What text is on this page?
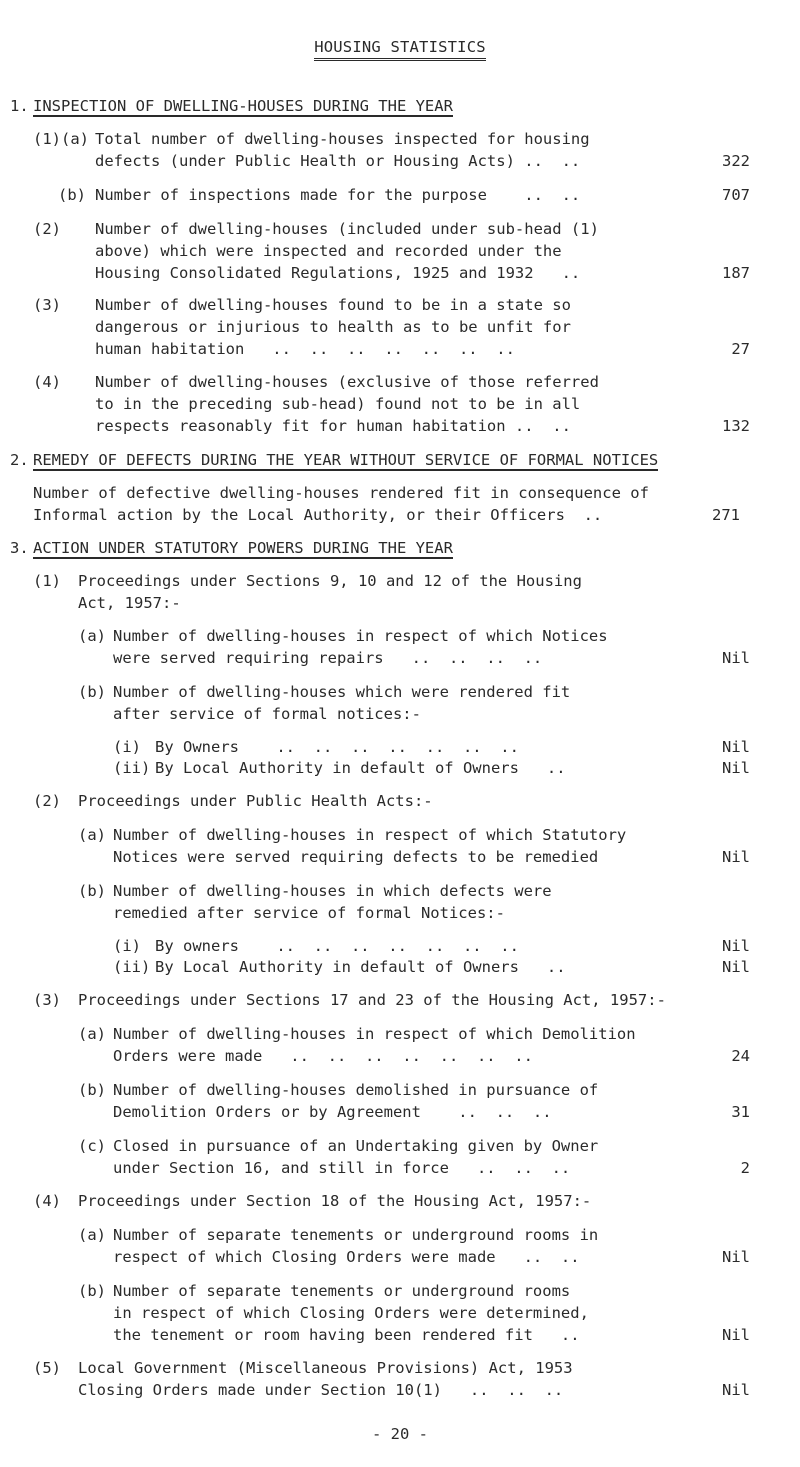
HOUSING STATISTICS
1. INSPECTION OF DWELLING-HOUSES DURING THE YEAR
(1)(a) Total number of dwelling-houses inspected for housing
defects (under Public Health or Housing Acts) ..  ..	322
(b) Number of inspections made for the purpose    ..  ..	707
(2) Number of dwelling-houses (included under sub-head (1)
above) which were inspected and recorded under the
Housing Consolidated Regulations, 1925 and 1932   ..	187
(3) Number of dwelling-houses found to be in a state so
dangerous or injurious to health as to be unfit for
human habitation   ..  ..  ..  ..  ..  ..  ..	27
(4) Number of dwelling-houses (exclusive of those referred
to in the preceding sub-head) found not to be in all
respects reasonably fit for human habitation ..  ..	132
2. REMEDY OF DEFECTS DURING THE YEAR WITHOUT SERVICE OF FORMAL NOTICES
Number of defective dwelling-houses rendered fit in consequence of
Informal action by the Local Authority, or their Officers  ..	271
3. ACTION UNDER STATUTORY POWERS DURING THE YEAR
(1) Proceedings under Sections 9, 10 and 12 of the Housing
Act, 1957:-
(a) Number of dwelling-houses in respect of which Notices
were served requiring repairs   ..  ..  ..  ..	Nil
(b) Number of dwelling-houses which were rendered fit
after service of formal notices:-
(i) By Owners    ..  ..  ..  ..  ..  ..  ..	Nil
(ii) By Local Authority in default of Owners   ..	Nil
(2) Proceedings under Public Health Acts:-
(a) Number of dwelling-houses in respect of which Statutory
Notices were served requiring defects to be remedied	Nil
(b) Number of dwelling-houses in which defects were
remedied after service of formal Notices:-
(i) By owners    ..  ..  ..  ..  ..  ..  ..	Nil
(ii) By Local Authority in default of Owners   ..	Nil
(3) Proceedings under Sections 17 and 23 of the Housing Act, 1957:-
(a) Number of dwelling-houses in respect of which Demolition
Orders were made   ..  ..  ..  ..  ..  ..  ..	24
(b) Number of dwelling-houses demolished in pursuance of
Demolition Orders or by Agreement    ..  ..  ..	31
(c) Closed in pursuance of an Undertaking given by Owner
under Section 16, and still in force   ..  ..  ..	2
(4) Proceedings under Section 18 of the Housing Act, 1957:-
(a) Number of separate tenements or underground rooms in
respect of which Closing Orders were made   ..  ..	Nil
(b) Number of separate tenements or underground rooms
in respect of which Closing Orders were determined,
the tenement or room having been rendered fit   ..	Nil
(5) Local Government (Miscellaneous Provisions) Act, 1953
Closing Orders made under Section 10(1)   ..  ..  ..	Nil
- 20 -
